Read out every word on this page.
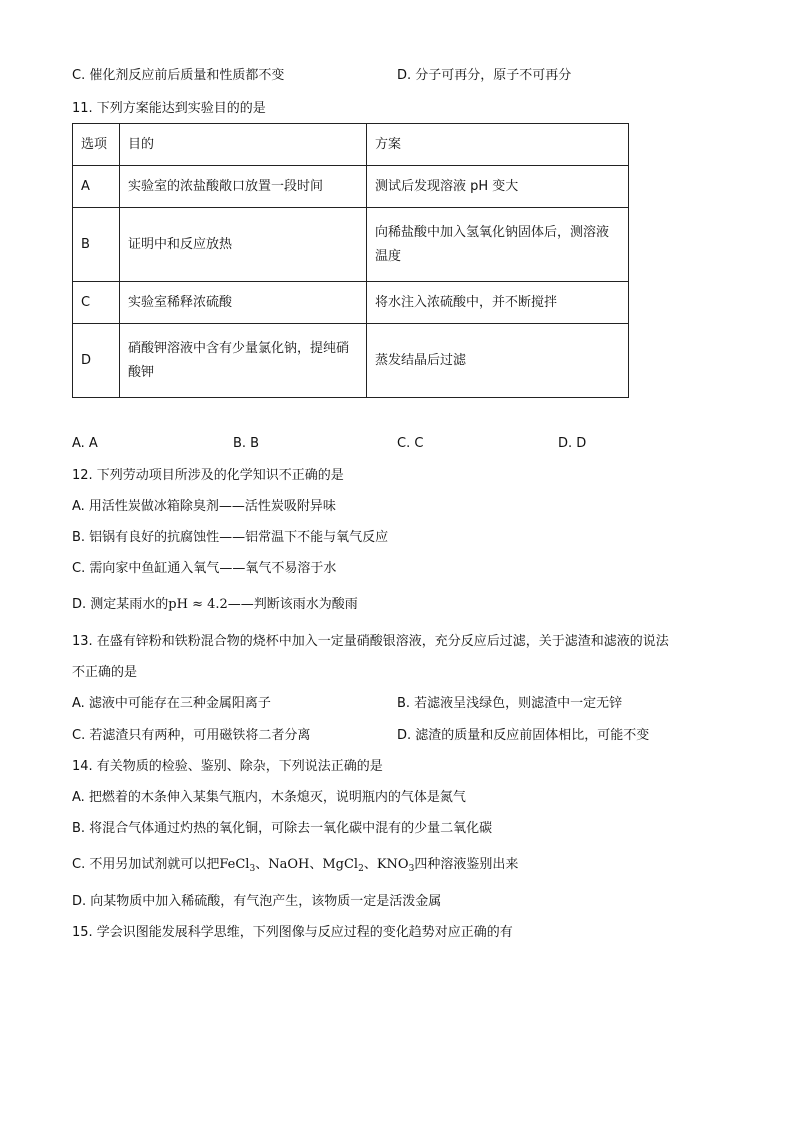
C. 催化剂反应前后质量和性质都不变	D. 分子可再分，原子不可再分
11. 下列方案能达到实验目的的是
选项	目的	方案
A	实验室的浓盐酸敞口放置一段时间	测试后发现溶液 pH 变大
B	证明中和反应放热	向稀盐酸中加入氢氧化钠固体后，测溶液温度
C	实验室稀释浓硫酸	将水注入浓硫酸中，并不断搅拌
D	硝酸钾溶液中含有少量氯化钠，提纯硝酸钾	蒸发结晶后过滤
A. A	B. B	C. C	D. D
12. 下列劳动项目所涉及的化学知识不正确的是
A. 用活性炭做冰箱除臭剂——活性炭吸附异味
B. 铝锅有良好的抗腐蚀性——铝常温下不能与氧气反应
C. 需向家中鱼缸通入氧气——氧气不易溶于水
D. 测定某雨水的pH ≈ 4.2——判断该雨水为酸雨
13. 在盛有锌粉和铁粉混合物的烧杯中加入一定量硝酸银溶液，充分反应后过滤，关于滤渣和滤液的说法
不正确的是
A. 滤液中可能存在三种金属阳离子	B. 若滤液呈浅绿色，则滤渣中一定无锌
C. 若滤渣只有两种，可用磁铁将二者分离	D. 滤渣的质量和反应前固体相比，可能不变
14. 有关物质的检验、鉴别、除杂，下列说法正确的是
A. 把燃着的木条伸入某集气瓶内，木条熄灭，说明瓶内的气体是氮气
B. 将混合气体通过灼热的氧化铜，可除去一氧化碳中混有的少量二氧化碳
C. 不用另加试剂就可以把FeCl$_3$、NaOH、MgCl$_2$、$KNO_3$四种溶液鉴别出来
D. 向某物质中加入稀硫酸，有气泡产生，该物质一定是活泼金属
15. 学会识图能发展科学思维，下列图像与反应过程的变化趋势对应正确的有
